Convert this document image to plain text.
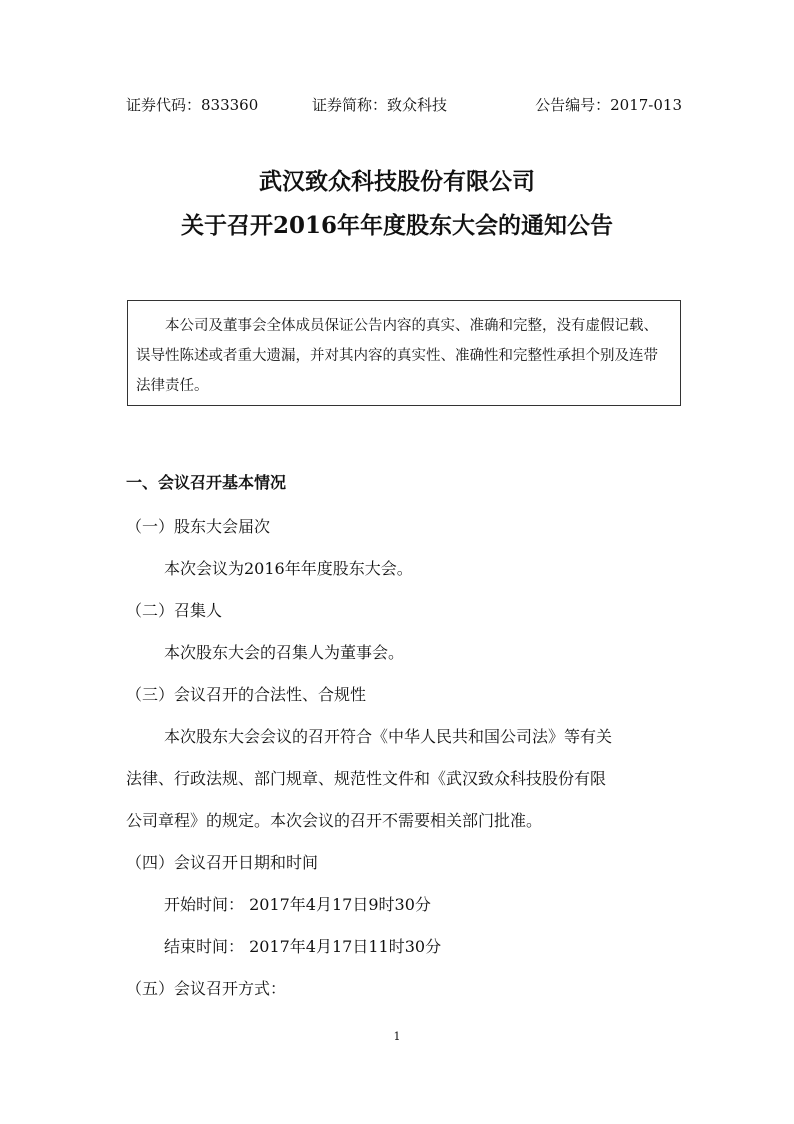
证券代码：833360	证券简称：致众科技	公告编号：2017-013
武汉致众科技股份有限公司
关于召开2016年年度股东大会的通知公告

本公司及董事会全体成员保证公告内容的真实、准确和完整，没有虚假记载、误导性陈述或者重大遗漏，并对其内容的真实性、准确性和完整性承担个别及连带法律责任。

一、会议召开基本情况
（一）股东大会届次
本次会议为2016年年度股东大会。
（二）召集人
本次股东大会的召集人为董事会。
（三）会议召开的合法性、合规性
本次股东大会会议的召开符合《中华人民共和国公司法》等有关
法律、行政法规、部门规章、规范性文件和《武汉致众科技股份有限
公司章程》的规定。本次会议的召开不需要相关部门批准。
（四）会议召开日期和时间
开始时间： 2017年4月17日9时30分
结束时间： 2017年4月17日11时30分
（五）会议召开方式：
1
